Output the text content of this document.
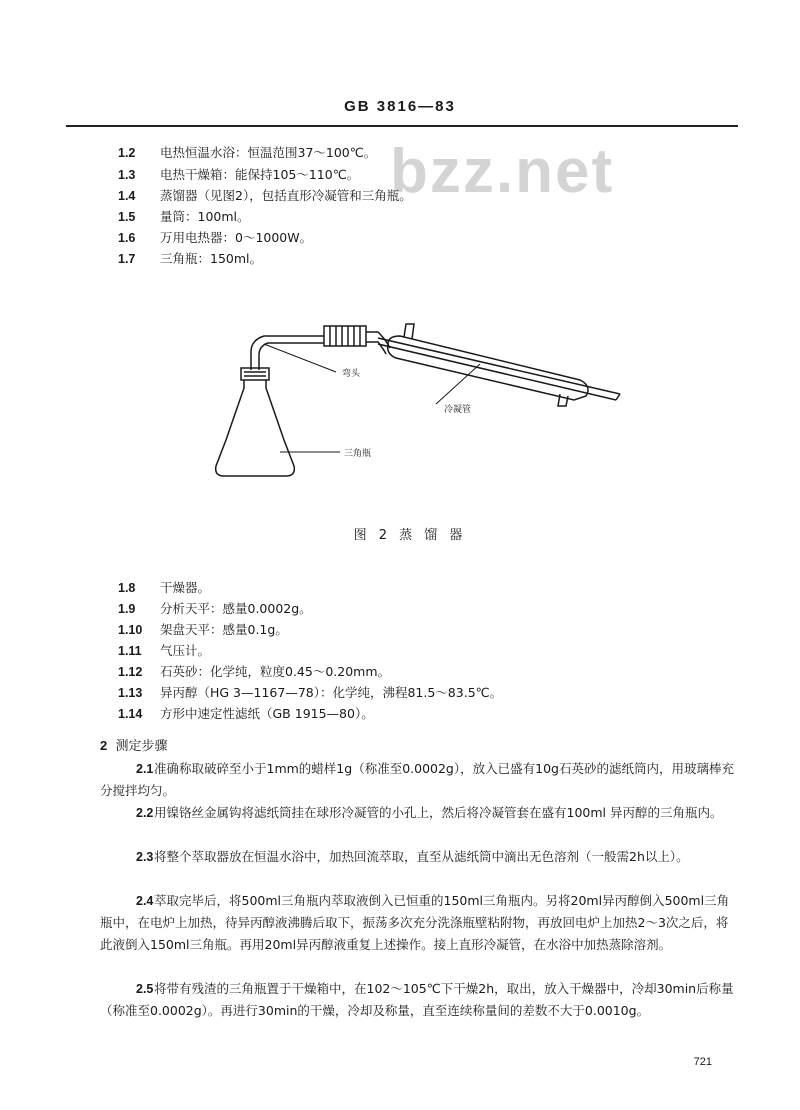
GB 3816—83
bzz.net
1.2 电热恒温水浴：恒温范围37～100℃。
1.3 电热干燥箱：能保持105～110℃。
1.4 蒸馏器（见图2），包括直形冷凝管和三角瓶。
1.5 量筒：100ml。
1.6 万用电热器：0～1000W。
1.7 三角瓶：150ml。
弯头
冷凝管
三角瓶
图 2 蒸 馏 器
1.8 干燥器。
1.9 分析天平：感量0.0002g。
1.10 架盘天平：感量0.1g。
1.11 气压计。
1.12 石英砂：化学纯，粒度0.45～0.20mm。
1.13 异丙醇（HG 3—1167—78）：化学纯，沸程81.5～83.5℃。
1.14 方形中速定性滤纸（GB 1915—80）。
2 测定步骤
2.1准确称取破碎至小于1mm的蜡样1g（称准至0.0002g），放入已盛有10g石英砂的滤纸筒内，用玻璃棒充分搅拌均匀。
2.2用镍铬丝金属钩将滤纸筒挂在球形冷凝管的小孔上，然后将冷凝管套在盛有100ml 异丙醇的三角瓶内。
2.3将整个萃取器放在恒温水浴中，加热回流萃取，直至从滤纸筒中滴出无色溶剂（一般需2h以上）。
2.4萃取完毕后，将500ml三角瓶内萃取液倒入已恒重的150ml三角瓶内。另将20ml异丙醇倒入500ml三角瓶中，在电炉上加热，待异丙醇液沸腾后取下，振荡多次充分洗涤瓶壁粘附物，再放回电炉上加热2～3次之后，将此液倒入150ml三角瓶。再用20ml异丙醇液重复上述操作。接上直形冷凝管，在水浴中加热蒸除溶剂。
2.5将带有残渣的三角瓶置于干燥箱中，在102～105℃下干燥2h，取出，放入干燥器中，冷却30min后称量（称准至0.0002g）。再进行30min的干燥，冷却及称量，直至连续称量间的差数不大于0.0010g。
721
